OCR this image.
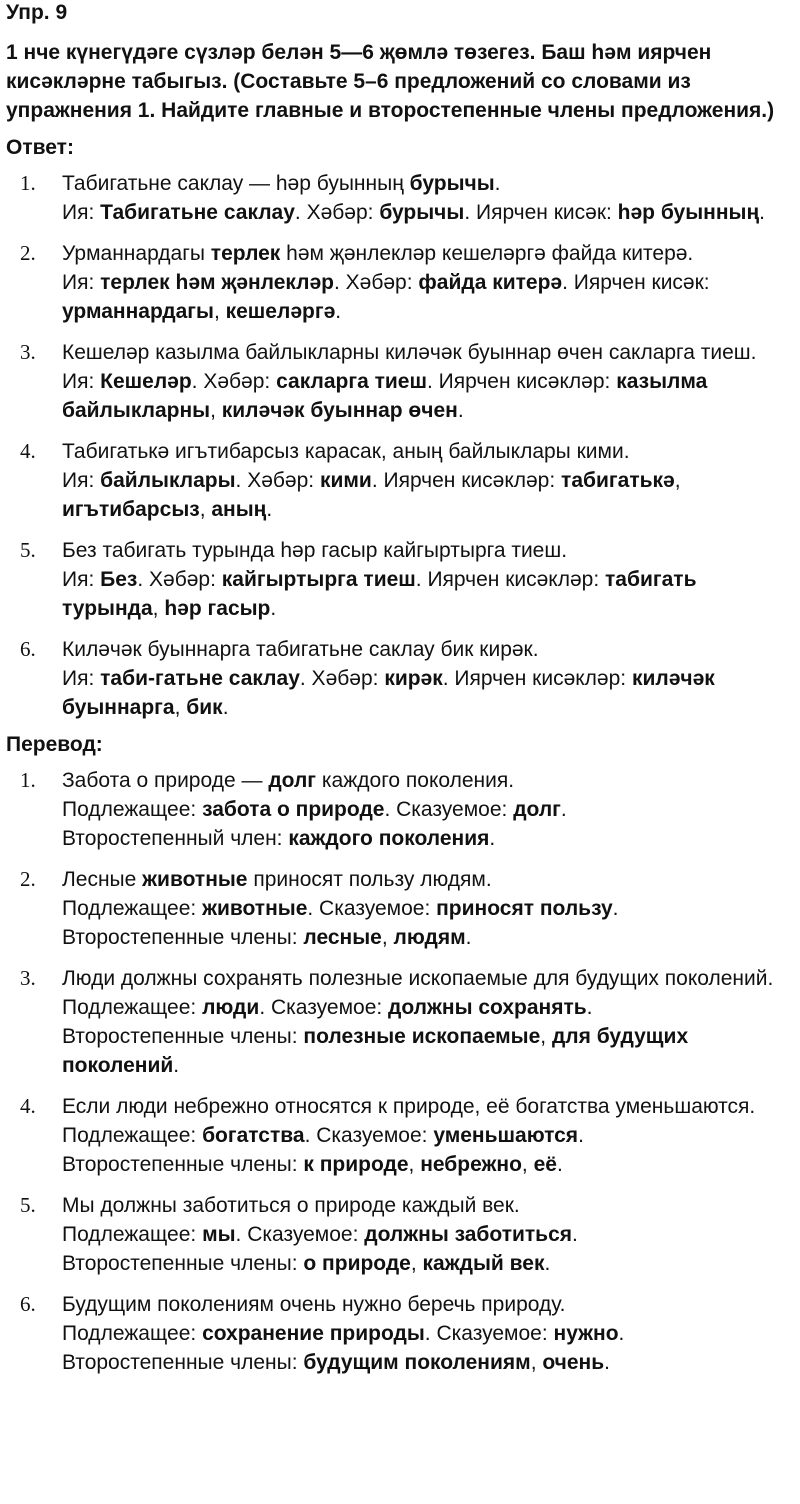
Упр. 9

1 нче күнегүдәге сүзләр белән 5—6 җөмлә төзегез. Баш һәм иярчен кисәкләрне табыгыз. (Составьте 5–6 предложений со словами из упражнения 1. Найдите главные и второстепенные члены предложения.)

Ответ:
1. Табигатьне саклау — һәр буынның бурычы.
Ия: Табигатьне саклау. Хәбәр: бурычы. Иярчен кисәк: һәр буынның.
2. Урманнардагы терлек һәм җәнлекләр кешеләргә файда китерә.
Ия: терлек һәм җәнлекләр. Хәбәр: файда китерә. Иярчен кисәк: урманнардагы, кешеләргә.
3. Кешеләр казылма байлыкларны киләчәк буыннар өчен сакларга тиеш.
Ия: Кешеләр. Хәбәр: сакларга тиеш. Иярчен кисәкләр: казылма байлыкларны, киләчәк буыннар өчен.
4. Табигатькә игътибарсыз карасак, аның байлыклары кими.
Ия: байлыклары. Хәбәр: кими. Иярчен кисәкләр: табигатькә, игътибарсыз, аның.
5. Без табигать турында һәр гасыр кайгыртырга тиеш.
Ия: Без. Хәбәр: кайгыртырга тиеш. Иярчен кисәкләр: табигать турында, һәр гасыр.
6. Киләчәк буыннарга табигатьне саклау бик кирәк.
Ия: таби-гатьне саклау. Хәбәр: кирәк. Иярчен кисәкләр: киләчәк буыннарга, бик.
Перевод:
1. Забота о природе — долг каждого поколения.
Подлежащее: забота о природе. Сказуемое: долг.
Второстепенный член: каждого поколения.
2. Лесные животные приносят пользу людям.
Подлежащее: животные. Сказуемое: приносят пользу.
Второстепенные члены: лесные, людям.
3. Люди должны сохранять полезные ископаемые для будущих поколений.
Подлежащее: люди. Сказуемое: должны сохранять.
Второстепенные члены: полезные ископаемые, для будущих поколений.
4. Если люди небрежно относятся к природе, её богатства уменьшаются.
Подлежащее: богатства. Сказуемое: уменьшаются.
Второстепенные члены: к природе, небрежно, её.
5. Мы должны заботиться о природе каждый век.
Подлежащее: мы. Сказуемое: должны заботиться.
Второстепенные члены: о природе, каждый век.
6. Будущим поколениям очень нужно беречь природу.
Подлежащее: сохранение природы. Сказуемое: нужно.
Второстепенные члены: будущим поколениям, очень.
